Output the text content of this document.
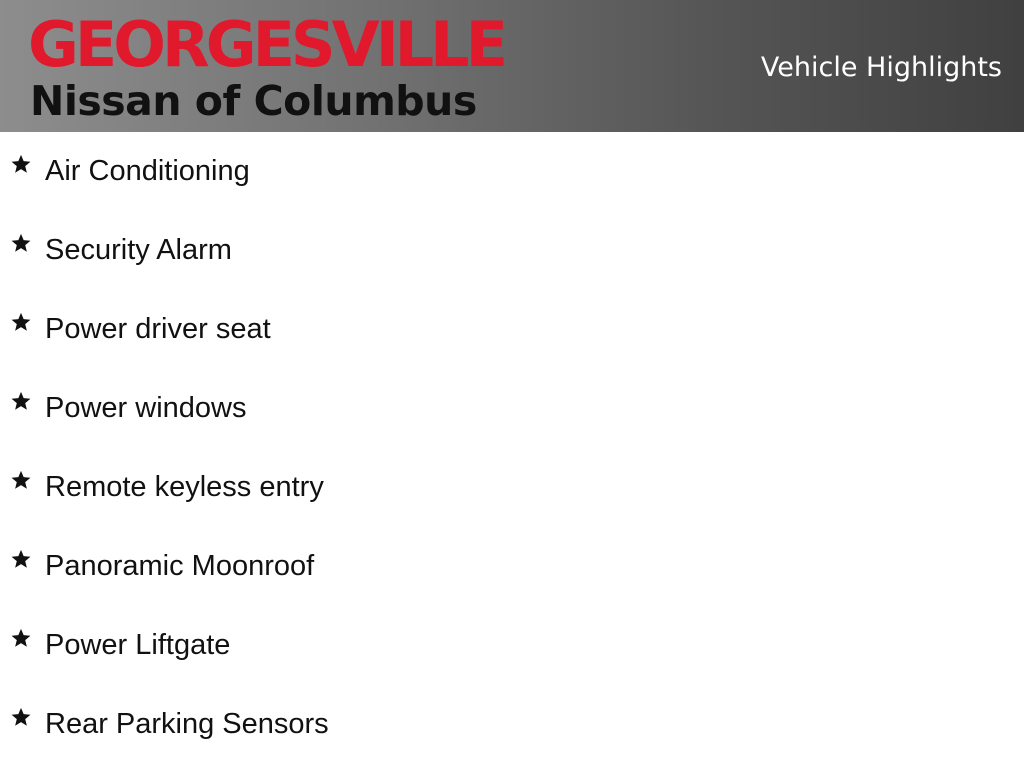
GEORGESVILLE
Nissan of Columbus
Vehicle Highlights
Air Conditioning
Security Alarm
Power driver seat
Power windows
Remote keyless entry
Panoramic Moonroof
Power Liftgate
Rear Parking Sensors
